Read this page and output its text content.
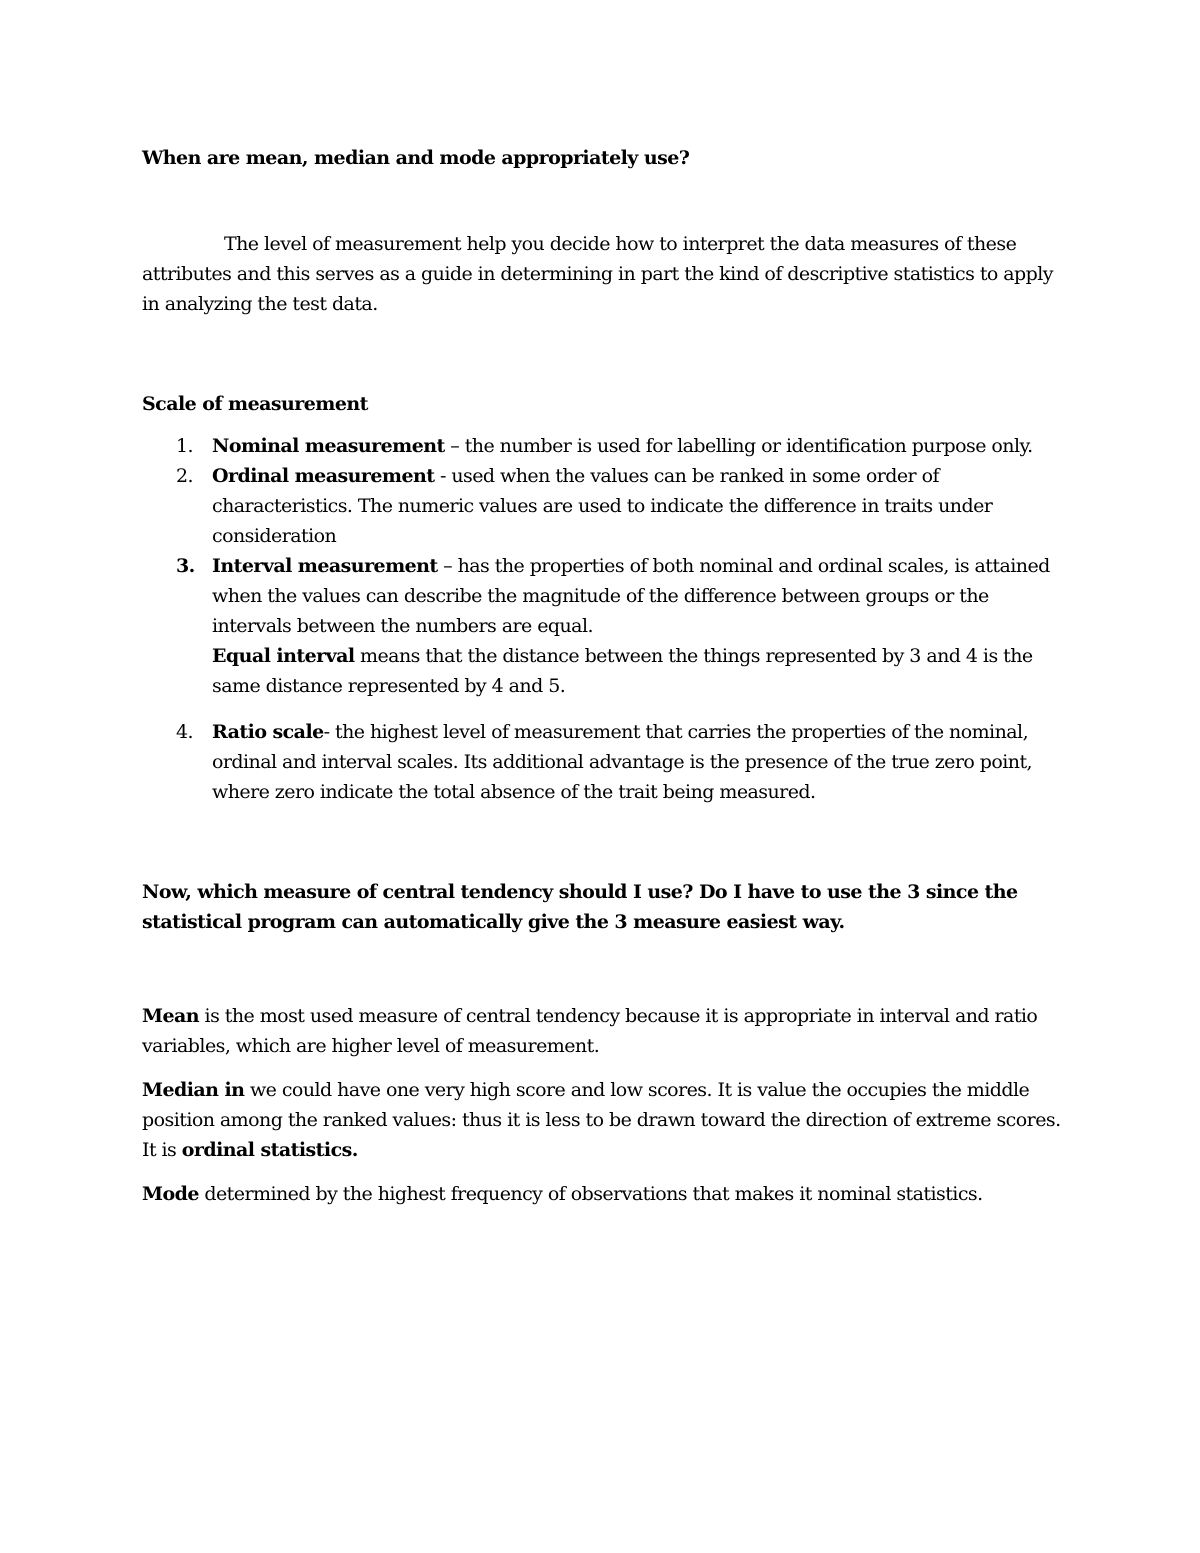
When are mean, median and mode appropriately use?

The level of measurement help you decide how to interpret the data measures of these attributes and this serves as a guide in determining in part the kind of descriptive statistics to apply in analyzing the test data.

Scale of measurement

1. Nominal measurement – the number is used for labelling or identification purpose only.
2. Ordinal measurement - used when the values can be ranked in some order of characteristics. The numeric values are used to indicate the difference in traits under consideration
3. Interval measurement – has the properties of both nominal and ordinal scales, is attained when the values can describe the magnitude of the difference between groups or the intervals between the numbers are equal.
Equal interval means that the distance between the things represented by 3 and 4 is the same distance represented by 4 and 5.
4. Ratio scale- the highest level of measurement that carries the properties of the nominal, ordinal and interval scales. Its additional advantage is the presence of the true zero point, where zero indicate the total absence of the trait being measured.

Now, which measure of central tendency should I use? Do I have to use the 3 since the statistical program can automatically give the 3 measure easiest way.

Mean is the most used measure of central tendency because it is appropriate in interval and ratio variables, which are higher level of measurement.

Median in we could have one very high score and low scores. It is value the occupies the middle position among the ranked values: thus it is less to be drawn toward the direction of extreme scores. It is ordinal statistics.

Mode determined by the highest frequency of observations that makes it nominal statistics.
